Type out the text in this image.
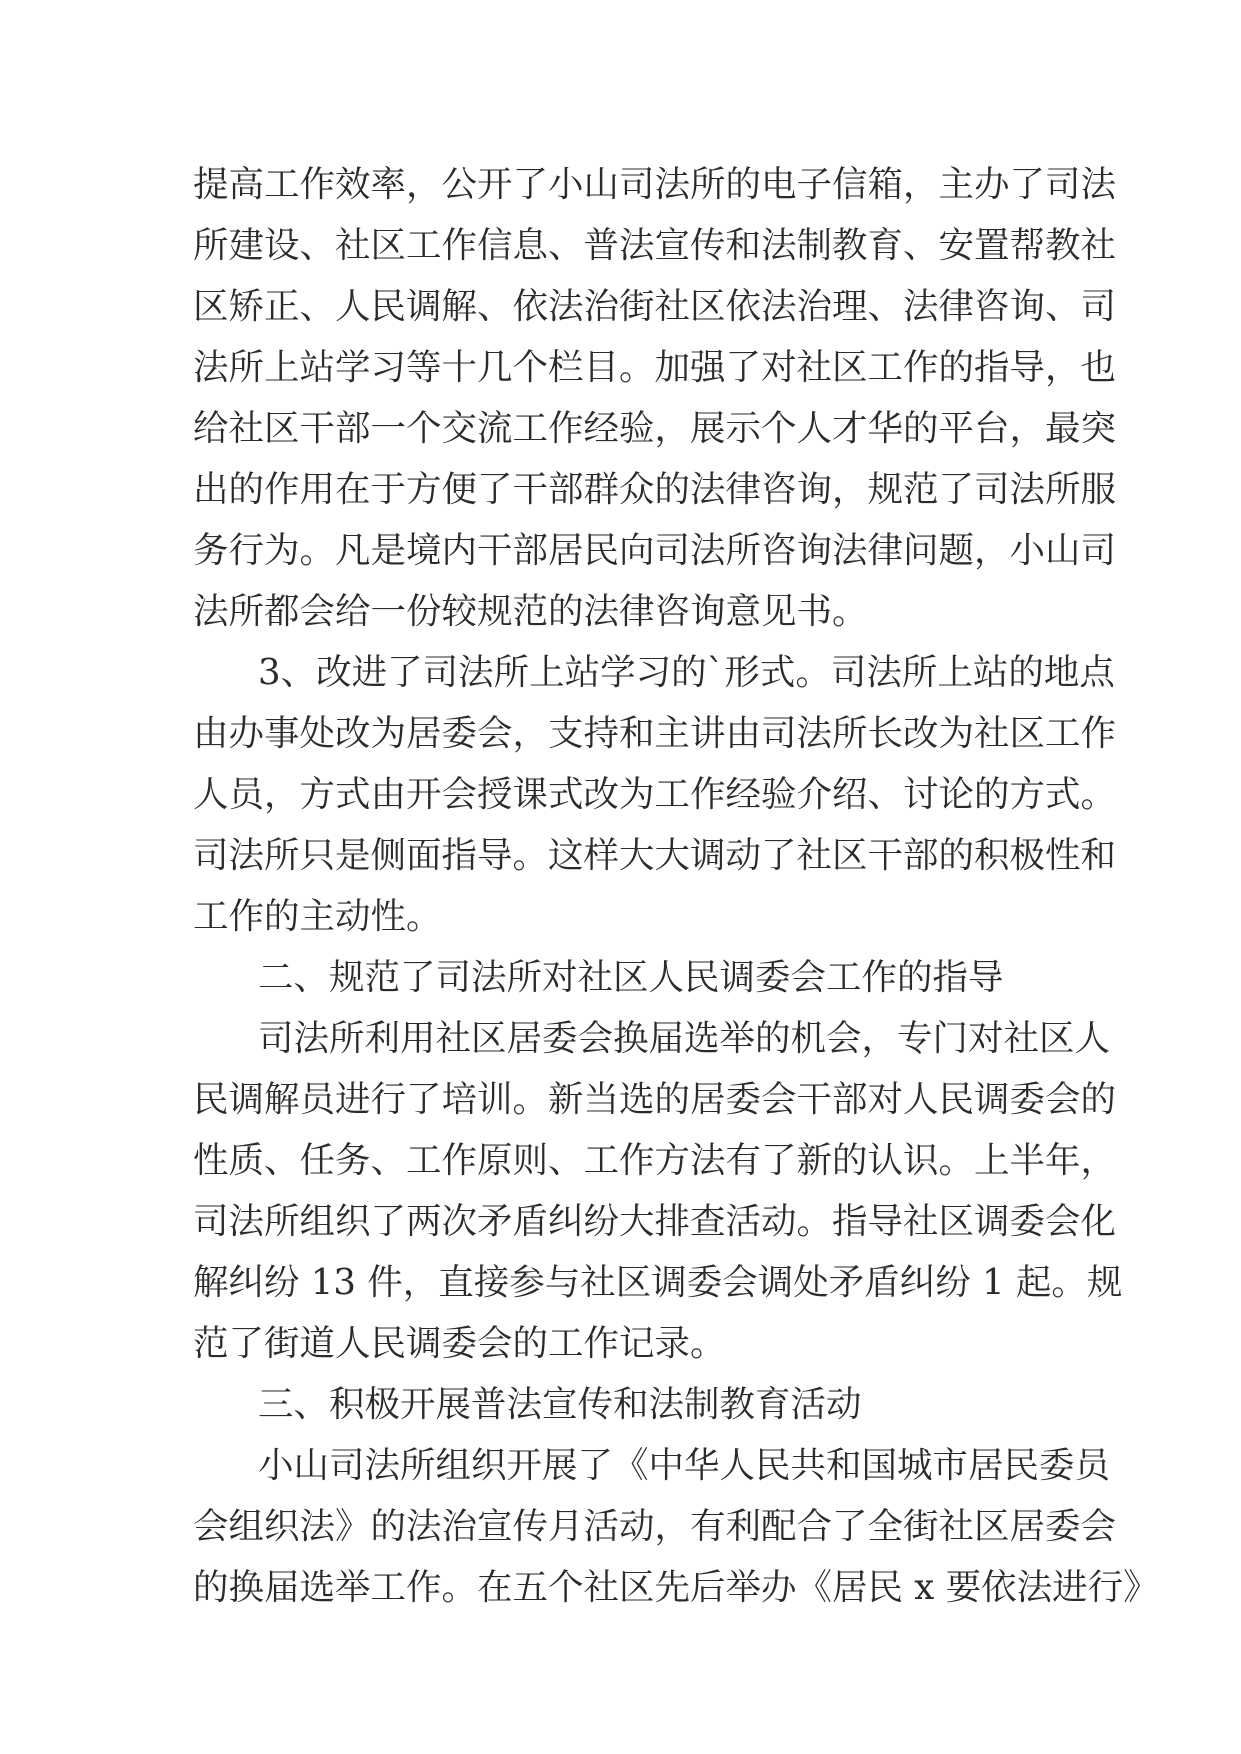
提高工作效率，公开了小山司法所的电子信箱，主办了司法
所建设、社区工作信息、普法宣传和法制教育、安置帮教社
区矫正、人民调解、依法治街社区依法治理、法律咨询、司
法所上站学习等十几个栏目。加强了对社区工作的指导，也
给社区干部一个交流工作经验，展示个人才华的平台，最突
出的作用在于方便了干部群众的法律咨询，规范了司法所服
务行为。凡是境内干部居民向司法所咨询法律问题，小山司
法所都会给一份较规范的法律咨询意见书。
3、改进了司法所上站学习的`形式。司法所上站的地点
由办事处改为居委会，支持和主讲由司法所长改为社区工作
人员，方式由开会授课式改为工作经验介绍、讨论的方式。
司法所只是侧面指导。这样大大调动了社区干部的积极性和
工作的主动性。
二、规范了司法所对社区人民调委会工作的指导
司法所利用社区居委会换届选举的机会，专门对社区人
民调解员进行了培训。新当选的居委会干部对人民调委会的
性质、任务、工作原则、工作方法有了新的认识。上半年，
司法所组织了两次矛盾纠纷大排查活动。指导社区调委会化
解纠纷 13 件，直接参与社区调委会调处矛盾纠纷 1 起。规
范了街道人民调委会的工作记录。
三、积极开展普法宣传和法制教育活动
小山司法所组织开展了《中华人民共和国城市居民委员
会组织法》的法治宣传月活动，有利配合了全街社区居委会
的换届选举工作。在五个社区先后举办《居民 x 要依法进行》
